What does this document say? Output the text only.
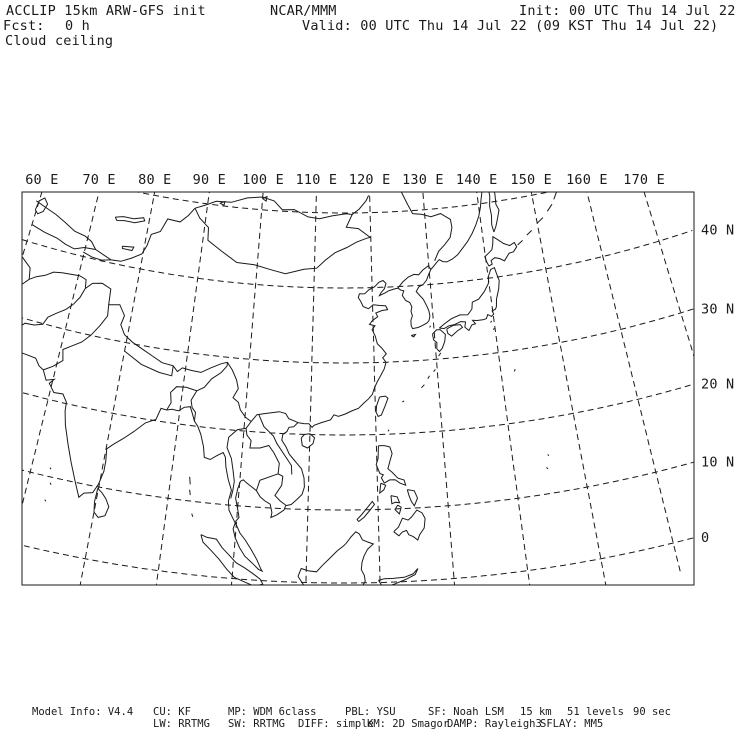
ACCLIP 15km ARW-GFS init	NCAR/MMM	Init: 00 UTC Thu 14 Jul 22
Fcst: 0 h	Valid: 00 UTC Thu 14 Jul 22 (09 KST Thu 14 Jul 22)
Cloud ceiling
60 E 70 E 80 E 90 E 100 E 110 E 120 E 130 E 140 E 150 E 160 E 170 E
40 N
30 N
20 N
10 N
0
Model Info: V4.4 CU: KF	MP: WDM 6class	PBL: YSU	SF: Noah LSM 15 km 51 levels 90 sec
LW: RRTMG SW: RRTMG DIFF: simple
KM: 2D Smagor
DAMP: Rayleigh3
SFLAY: MM5
